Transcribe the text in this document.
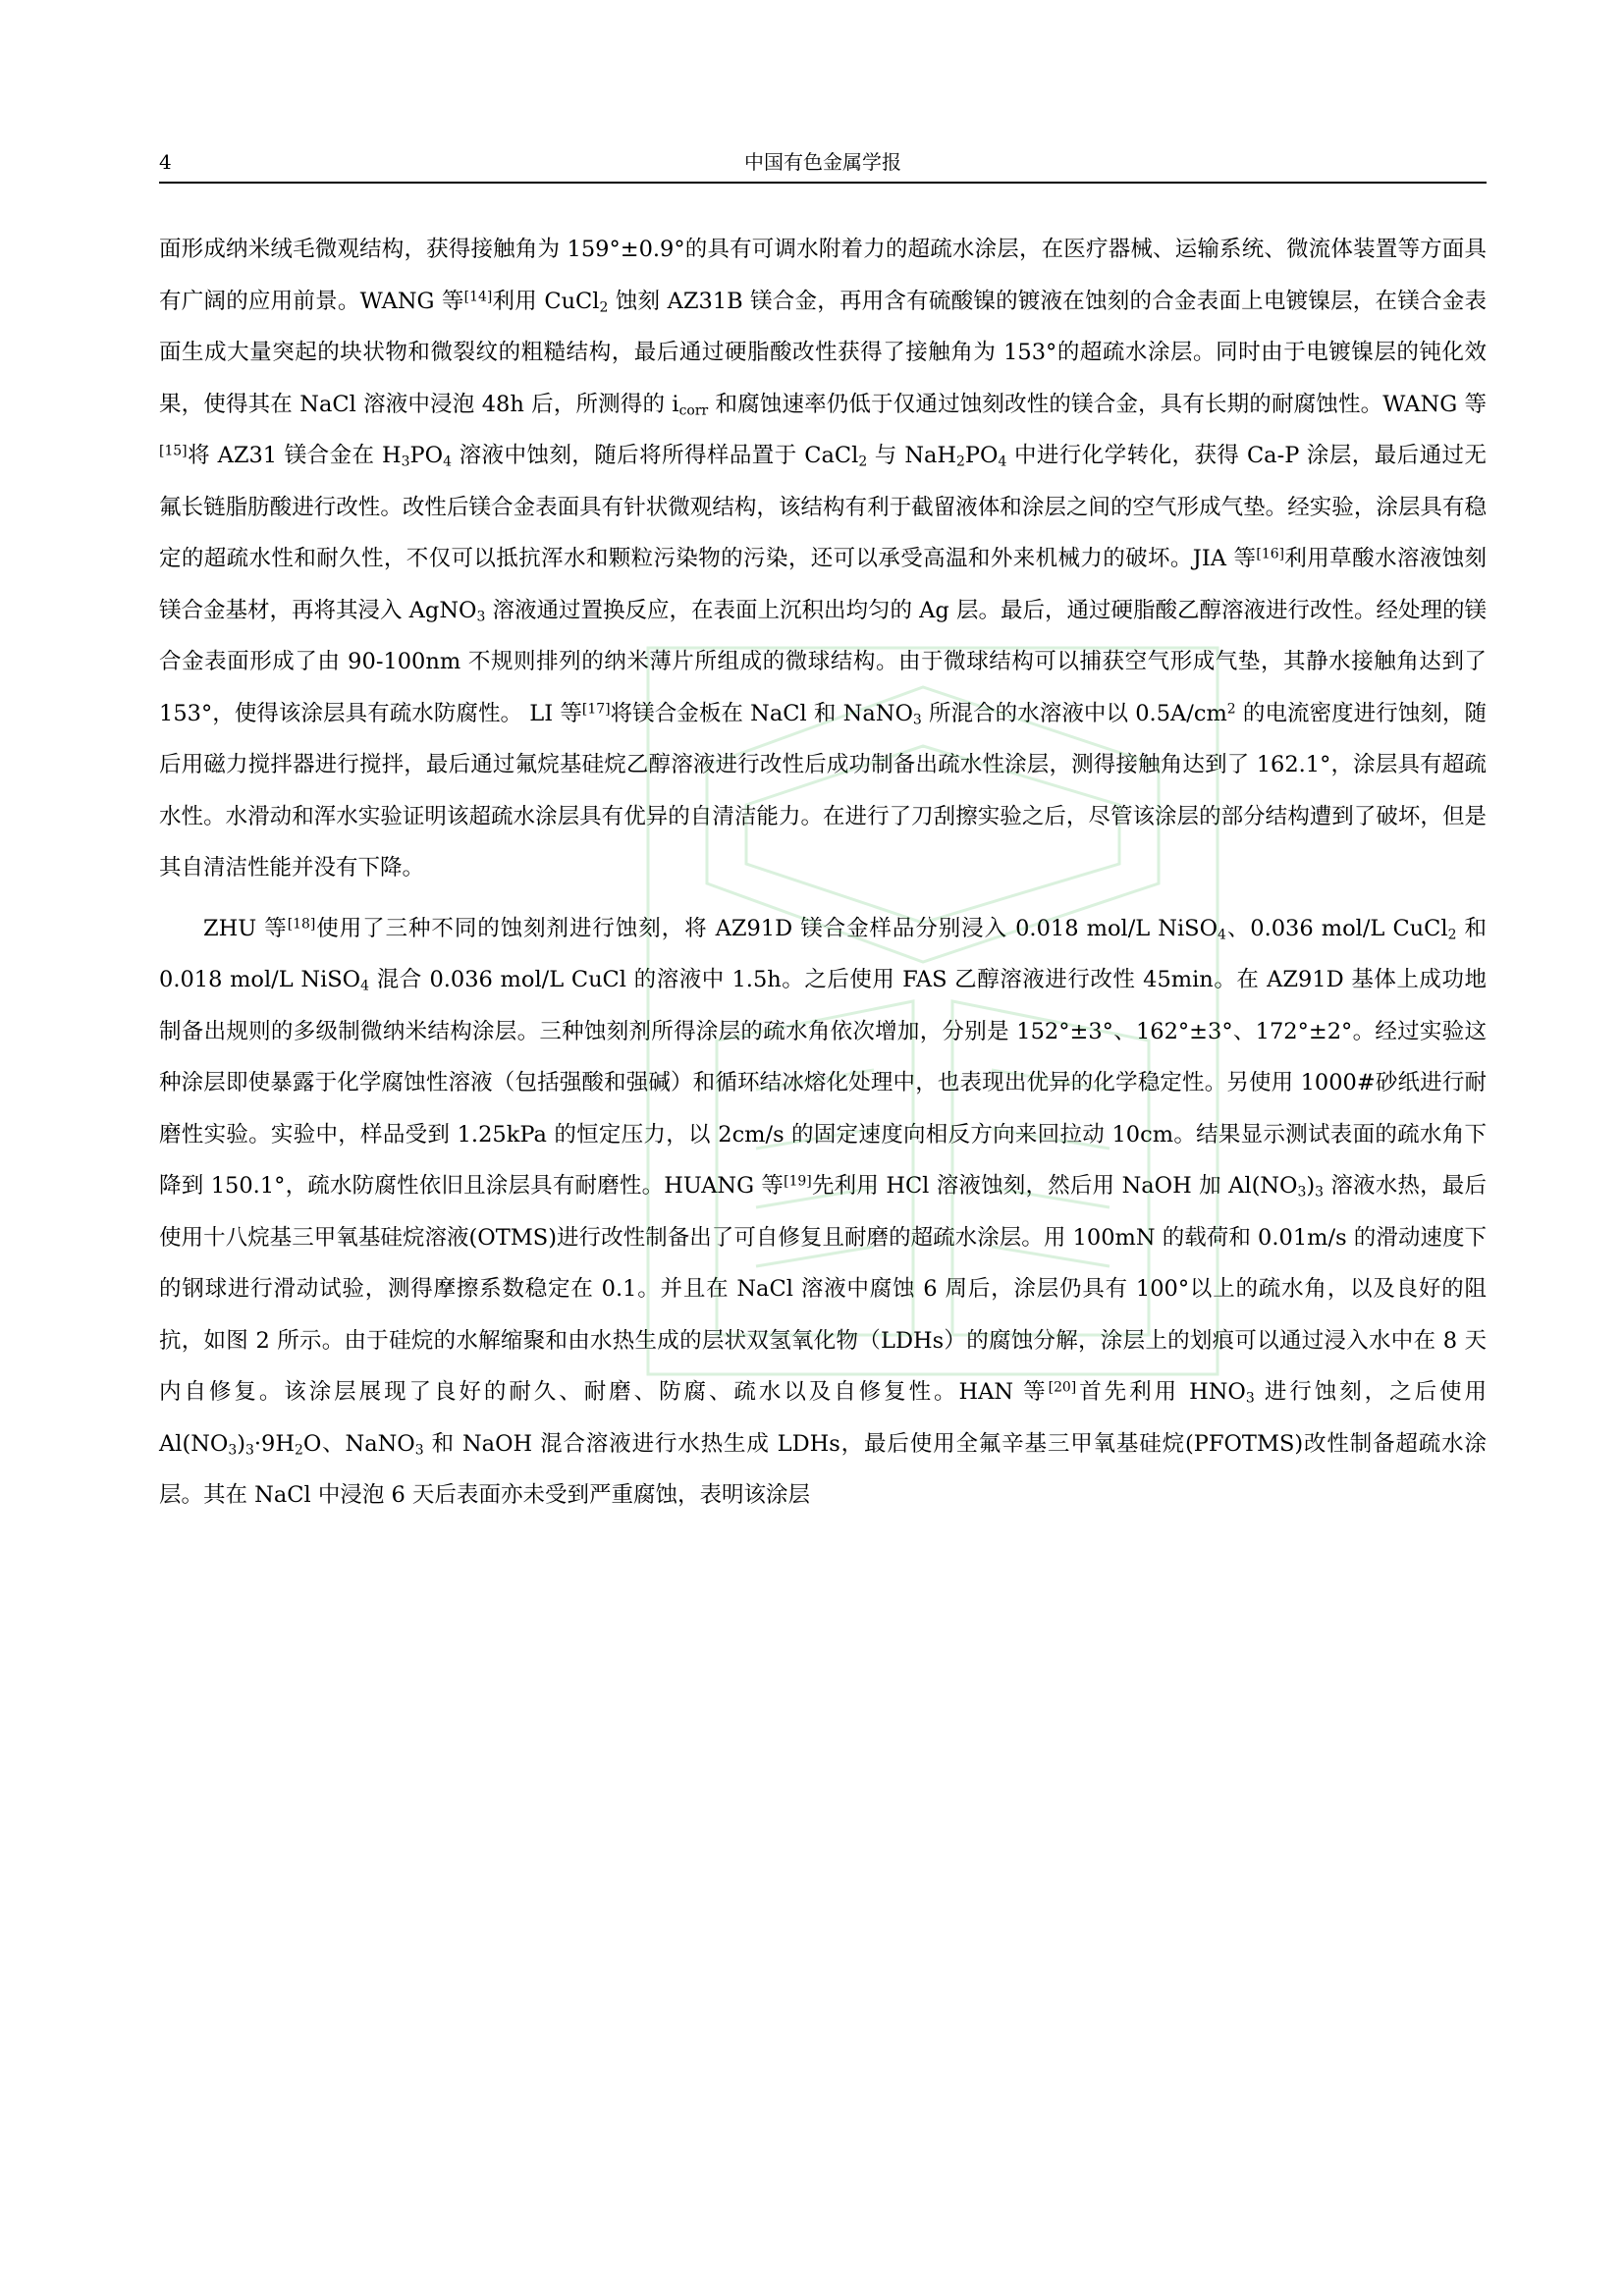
4	中国有色金属学报

面形成纳米绒毛微观结构，获得接触角为 159°±0.9°的具有可调水附着力的超疏水涂层，在医疗器械、运输系统、微流体装置等方面具有广阔的应用前景。WANG 等[14]利用 CuCl$_2$ 蚀刻 AZ31B 镁合金，再用含有硫酸镍的镀液在蚀刻的合金表面上电镀镍层，在镁合金表面生成大量突起的块状物和微裂纹的粗糙结构，最后通过硬脂酸改性获得了接触角为 153°的超疏水涂层。同时由于电镀镍层的钝化效果，使得其在 NaCl 溶液中浸泡 48h 后，所测得的 $i_{corr}$ 和腐蚀速率仍低于仅通过蚀刻改性的镁合金，具有长期的耐腐蚀性。WANG 等[15]将 AZ31 镁合金在 $H_3PO_4$ 溶液中蚀刻，随后将所得样品置于 CaCl$_2$ 与 $NaH_2PO_4$ 中进行化学转化，获得 Ca-P 涂层，最后通过无氟长链脂肪酸进行改性。改性后镁合金表面具有针状微观结构，该结构有利于截留液体和涂层之间的空气形成气垫。经实验，涂层具有稳定的超疏水性和耐久性，不仅可以抵抗浑水和颗粒污染物的污染，还可以承受高温和外来机械力的破坏。JIA 等[16]利用草酸水溶液蚀刻镁合金基材，再将其浸入 AgNO$_3$ 溶液通过置换反应，在表面上沉积出均匀的 Ag 层。最后，通过硬脂酸乙醇溶液进行改性。经处理的镁合金表面形成了由 90-100nm 不规则排列的纳米薄片所组成的微球结构。由于微球结构可以捕获空气形成气垫，其静水接触角达到了 153°，使得该涂层具有疏水防腐性。 LI 等[17]将镁合金板在 NaCl 和 NaNO$_3$ 所混合的水溶液中以 $0.5A/cm^2$ 的电流密度进行蚀刻，随后用磁力搅拌器进行搅拌，最后通过氟烷基硅烷乙醇溶液进行改性后成功制备出疏水性涂层，测得接触角达到了 162.1°，涂层具有超疏水性。水滑动和浑水实验证明该超疏水涂层具有优异的自清洁能力。在进行了刀刮擦实验之后，尽管该涂层的部分结构遭到了破坏，但是其自清洁性能并没有下降。

ZHU 等[18]使用了三种不同的蚀刻剂进行蚀刻，将 AZ91D 镁合金样品分别浸入 0.018 mol/L NiSO$_4$、0.036 mol/L CuCl$_2$ 和 0.018 mol/L NiSO$_4$ 混合 0.036 mol/L CuCl 的溶液中 1.5h。之后使用 FAS 乙醇溶液进行改性 45min。在 AZ91D 基体上成功地制备出规则的多级制微纳米结构涂层。三种蚀刻剂所得涂层的疏水角依次增加，分别是 152°±3°、162°±3°、172°±2°。经过实验这种涂层即使暴露于化学腐蚀性溶液（包括强酸和强碱）和循环结冰熔化处理中，也表现出优异的化学稳定性。另使用 1000#砂纸进行耐磨性实验。实验中，样品受到 1.25kPa 的恒定压力，以 2cm/s 的固定速度向相反方向来回拉动 10cm。结果显示测试表面的疏水角下降到 150.1°，疏水防腐性依旧且涂层具有耐磨性。HUANG 等[19]先利用 HCl 溶液蚀刻，然后用 NaOH 加 $Al(NO_3)_3$ 溶液水热，最后使用十八烷基三甲氧基硅烷溶液(OTMS)进行改性制备出了可自修复且耐磨的超疏水涂层。用 100mN 的载荷和 0.01m/s 的滑动速度下的钢球进行滑动试验，测得摩擦系数稳定在 0.1。并且在 NaCl 溶液中腐蚀 6 周后，涂层仍具有 100°以上的疏水角，以及良好的阻抗，如图 2 所示。由于硅烷的水解缩聚和由水热生成的层状双氢氧化物（LDHs）的腐蚀分解，涂层上的划痕可以通过浸入水中在 8 天内自修复。该涂层展现了良好的耐久、耐磨、防腐、疏水以及自修复性。HAN 等[20]首先利用 $HNO_3$ 进行蚀刻，之后使用 $Al(NO_3)_3\cdot 9H_2O$、NaNO$_3$ 和 NaOH 混合溶液进行水热生成 LDHs，最后使用全氟辛基三甲氧基硅烷(PFOTMS)改性制备超疏水涂层。其在 NaCl 中浸泡 6 天后表面亦未受到严重腐蚀，表明该涂层
